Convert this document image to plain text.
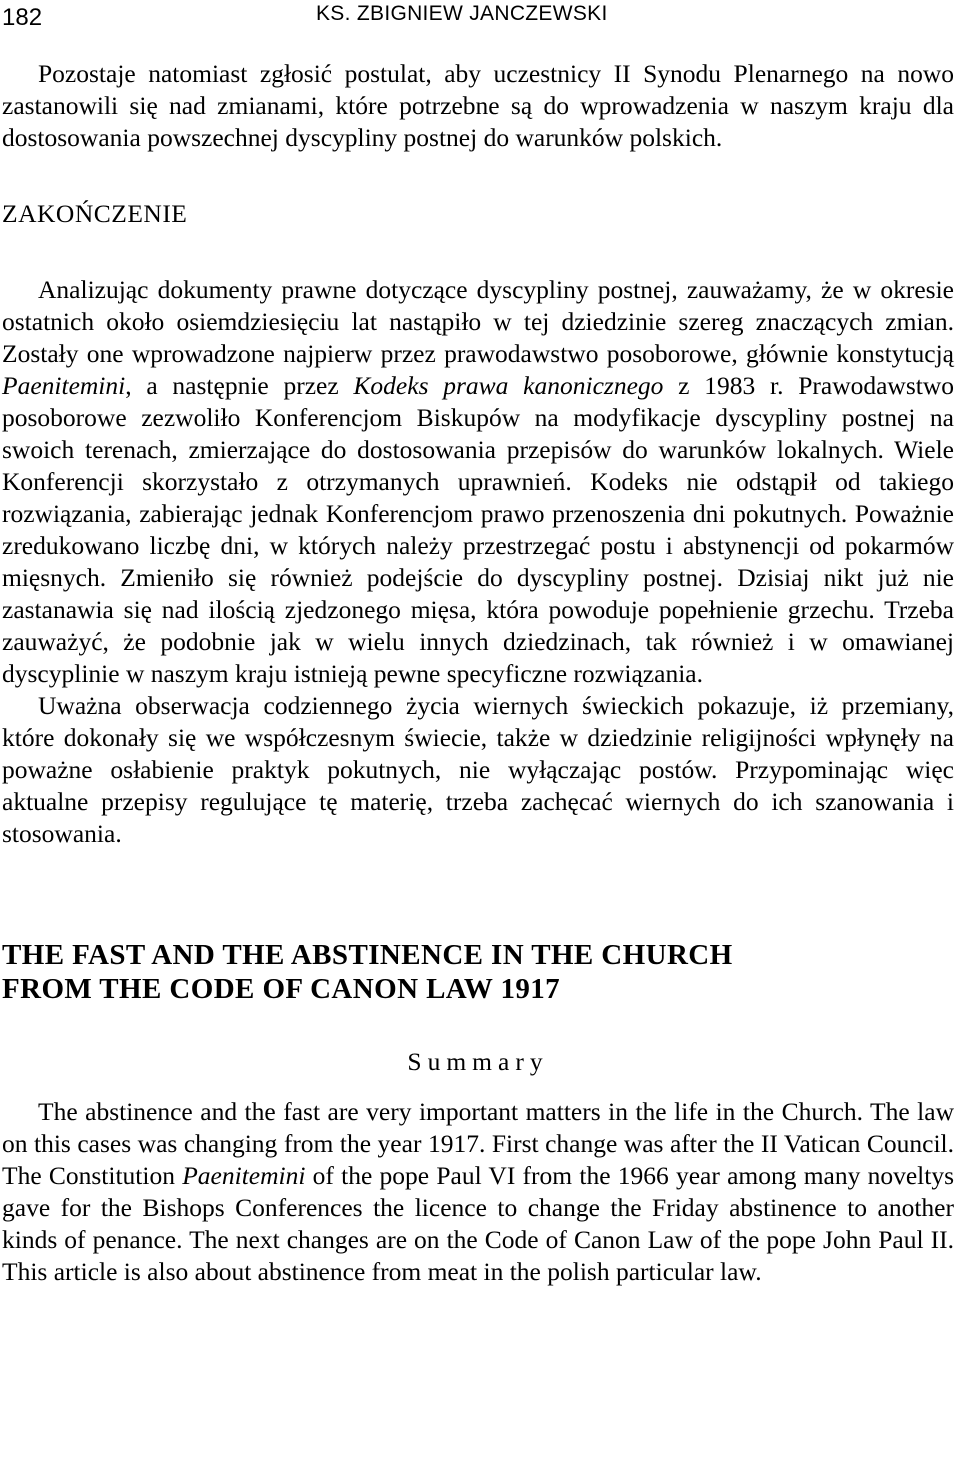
182	KS. ZBIGNIEW JANCZEWSKI

Pozostaje natomiast zgłosić postulat, aby uczestnicy II Synodu Plenarnego na nowo zastanowili się nad zmianami, które potrzebne są do wprowadzenia w naszym kraju dla dostosowania powszechnej dyscypliny postnej do warunków polskich.

ZAKOŃCZENIE

Analizując dokumenty prawne dotyczące dyscypliny postnej, zauważamy, że w okresie ostatnich około osiemdziesięciu lat nastąpiło w tej dziedzinie szereg znaczących zmian. Zostały one wprowadzone najpierw przez prawodawstwo posoborowe, głównie konstytucją Paenitemini, a następnie przez Kodeks prawa kanonicznego z 1983 r. Prawodawstwo posoborowe zezwoliło Konferencjom Biskupów na modyfikacje dyscypliny postnej na swoich terenach, zmierzające do dostosowania przepisów do warunków lokalnych. Wiele Konferencji skorzystało z otrzymanych uprawnień. Kodeks nie odstąpił od takiego rozwiązania, zabierając jednak Konferencjom prawo przenoszenia dni pokutnych. Poważnie zredukowano liczbę dni, w których należy przestrzegać postu i abstynencji od pokarmów mięsnych. Zmieniło się również podejście do dyscypliny postnej. Dzisiaj nikt już nie zastanawia się nad ilością zjedzonego mięsa, która powoduje popełnienie grzechu. Trzeba zauważyć, że podobnie jak w wielu innych dziedzinach, tak również i w omawianej dyscyplinie w naszym kraju istnieją pewne specyficzne rozwiązania.

Uważna obserwacja codziennego życia wiernych świeckich pokazuje, iż przemiany, które dokonały się we współczesnym świecie, także w dziedzinie religijności wpłynęły na poważne osłabienie praktyk pokutnych, nie wyłączając postów. Przypominając więc aktualne przepisy regulujące tę materię, trzeba zachęcać wiernych do ich szanowania i stosowania.

THE FAST AND THE ABSTINENCE IN THE CHURCH
FROM THE CODE OF CANON LAW 1917
Summary

The abstinence and the fast are very important matters in the life in the Church. The law on this cases was changing from the year 1917. First change was after the II Vatican Council. The Constitution Paenitemini of the pope Paul VI from the 1966 year among many noveltys gave for the Bishops Conferences the licence to change the Friday abstinence to another kinds of penance. The next changes are on the Code of Canon Law of the pope John Paul II. This article is also about abstinence from meat in the polish particular law.
